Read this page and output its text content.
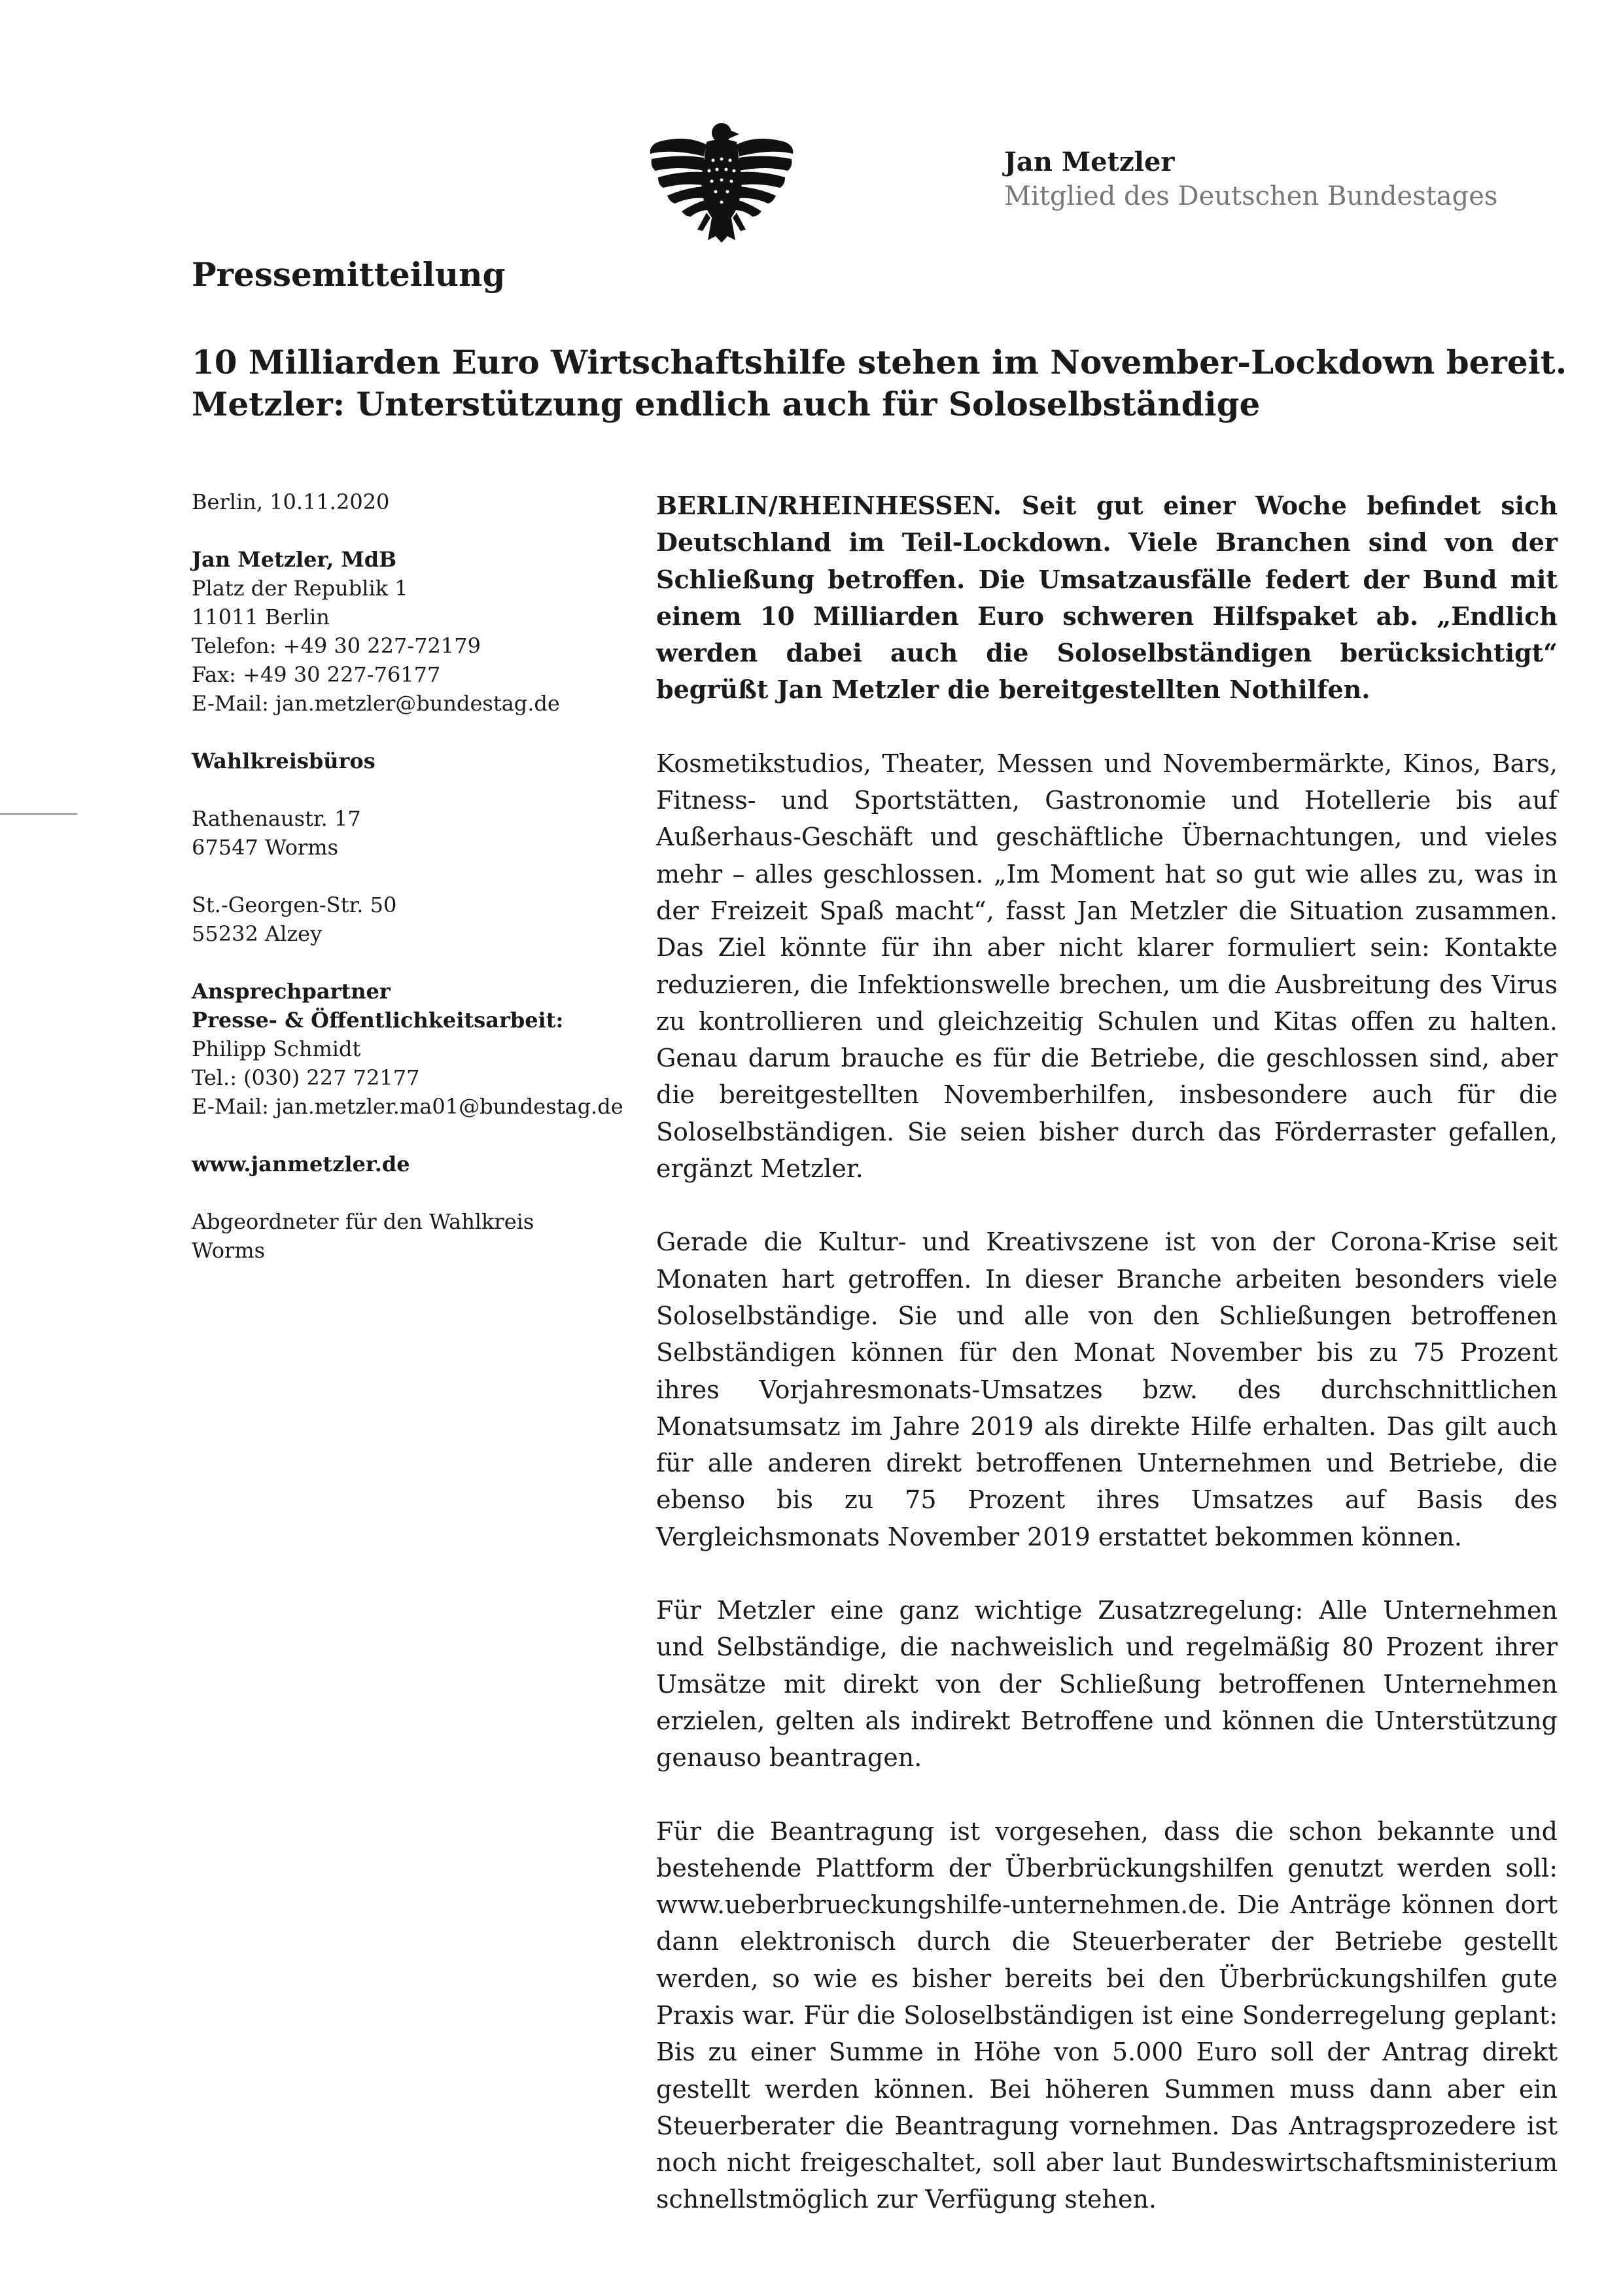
Jan Metzler
Mitglied des Deutschen Bundestages
Pressemitteilung
10 Milliarden Euro Wirtschaftshilfe stehen im November-Lockdown bereit.
Metzler: Unterstützung endlich auch für Soloselbständige
Berlin, 10.11.2020
Jan Metzler, MdB
Platz der Republik 1
11011 Berlin
Telefon: +49 30 227-72179
Fax: +49 30 227-76177
E-Mail: jan.metzler@bundestag.de
Wahlkreisbüros
Rathenaustr. 17
67547 Worms
St.-Georgen-Str. 50
55232 Alzey
Ansprechpartner
Presse- & Öffentlichkeitsarbeit:
Philipp Schmidt
Tel.: (030) 227 72177
E-Mail: jan.metzler.ma01@bundestag.de
www.janmetzler.de
Abgeordneter für den Wahlkreis
Worms

BERLIN/RHEINHESSEN. Seit gut einer Woche befindet sich Deutschland im Teil-Lockdown. Viele Branchen sind von der Schließung betroffen. Die Umsatzausfälle federt der Bund mit einem 10 Milliarden Euro schweren Hilfspaket ab. „Endlich werden dabei auch die Soloselbständigen berücksichtigt“ begrüßt Jan Metzler die bereitgestellten Nothilfen.

Kosmetikstudios, Theater, Messen und Novembermärkte, Kinos, Bars, Fitness- und Sportstätten, Gastronomie und Hotellerie bis auf Außerhaus-Geschäft und geschäftliche Übernachtungen, und vieles mehr – alles geschlossen. „Im Moment hat so gut wie alles zu, was in der Freizeit Spaß macht“, fasst Jan Metzler die Situation zusammen. Das Ziel könnte für ihn aber nicht klarer formuliert sein: Kontakte reduzieren, die Infektionswelle brechen, um die Ausbreitung des Virus zu kontrollieren und gleichzeitig Schulen und Kitas offen zu halten. Genau darum brauche es für die Betriebe, die geschlossen sind, aber die bereitgestellten Novemberhilfen, insbesondere auch für die Soloselbständigen. Sie seien bisher durch das Förderraster gefallen, ergänzt Metzler.

Gerade die Kultur- und Kreativszene ist von der Corona-Krise seit Monaten hart getroffen. In dieser Branche arbeiten besonders viele Soloselbständige. Sie und alle von den Schließungen betroffenen Selbständigen können für den Monat November bis zu 75 Prozent ihres Vorjahresmonats-Umsatzes bzw. des durchschnittlichen Monatsumsatz im Jahre 2019 als direkte Hilfe erhalten. Das gilt auch für alle anderen direkt betroffenen Unternehmen und Betriebe, die ebenso bis zu 75 Prozent ihres Umsatzes auf Basis des Vergleichsmonats November 2019 erstattet bekommen können.

Für Metzler eine ganz wichtige Zusatzregelung: Alle Unternehmen und Selbständige, die nachweislich und regelmäßig 80 Prozent ihrer Umsätze mit direkt von der Schließung betroffenen Unternehmen erzielen, gelten als indirekt Betroffene und können die Unterstützung genauso beantragen.

Für die Beantragung ist vorgesehen, dass die schon bekannte und bestehende Plattform der Überbrückungshilfen genutzt werden soll: www.ueberbrueckungshilfe-unternehmen.de. Die Anträge können dort dann elektronisch durch die Steuerberater der Betriebe gestellt werden, so wie es bisher bereits bei den Überbrückungshilfen gute Praxis war. Für die Soloselbständigen ist eine Sonderregelung geplant: Bis zu einer Summe in Höhe von 5.000 Euro soll der Antrag direkt gestellt werden können. Bei höheren Summen muss dann aber ein Steuerberater die Beantragung vornehmen. Das Antragsprozedere ist noch nicht freigeschaltet, soll aber laut Bundeswirtschaftsministerium schnellstmöglich zur Verfügung stehen.
